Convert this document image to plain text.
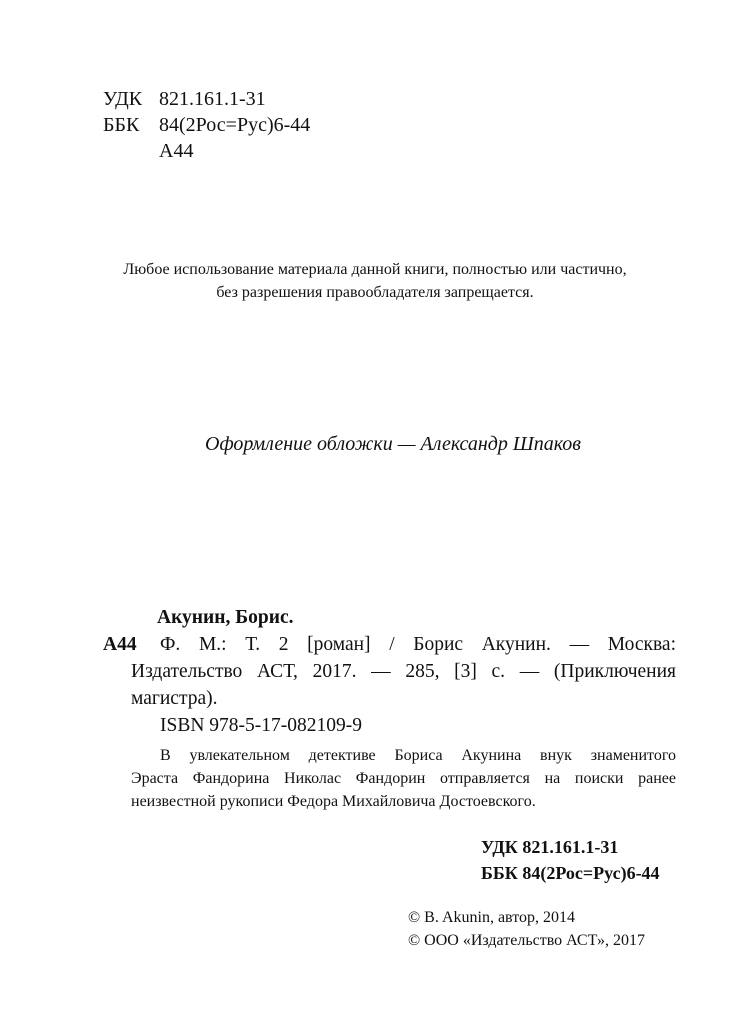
УДК 821.161.1-31
ББК 84(2Рос=Рус)6-44
А44
Любое использование материала данной книги, полностью или частично,
без разрешения правообладателя запрещается.
Оформление обложки — Александр Шпаков
Акунин, Борис.
А44 Ф. М.: Т. 2 [роман] / Борис Акунин. — Москва:
Издательство АСТ, 2017. — 285, [3] с. — (Приключения
магистра).
ISBN 978-5-17-082109-9
В увлекательном детективе Бориса Акунина внук знаменитого
Эраста Фандорина Николас Фандорин отправляется на поиски ранее
неизвестной рукописи Федора Михайловича Достоевского.
УДК 821.161.1-31
ББК 84(2Рос=Рус)6-44
© B. Akunin, автор, 2014
© ООО «Издательство АСТ», 2017
